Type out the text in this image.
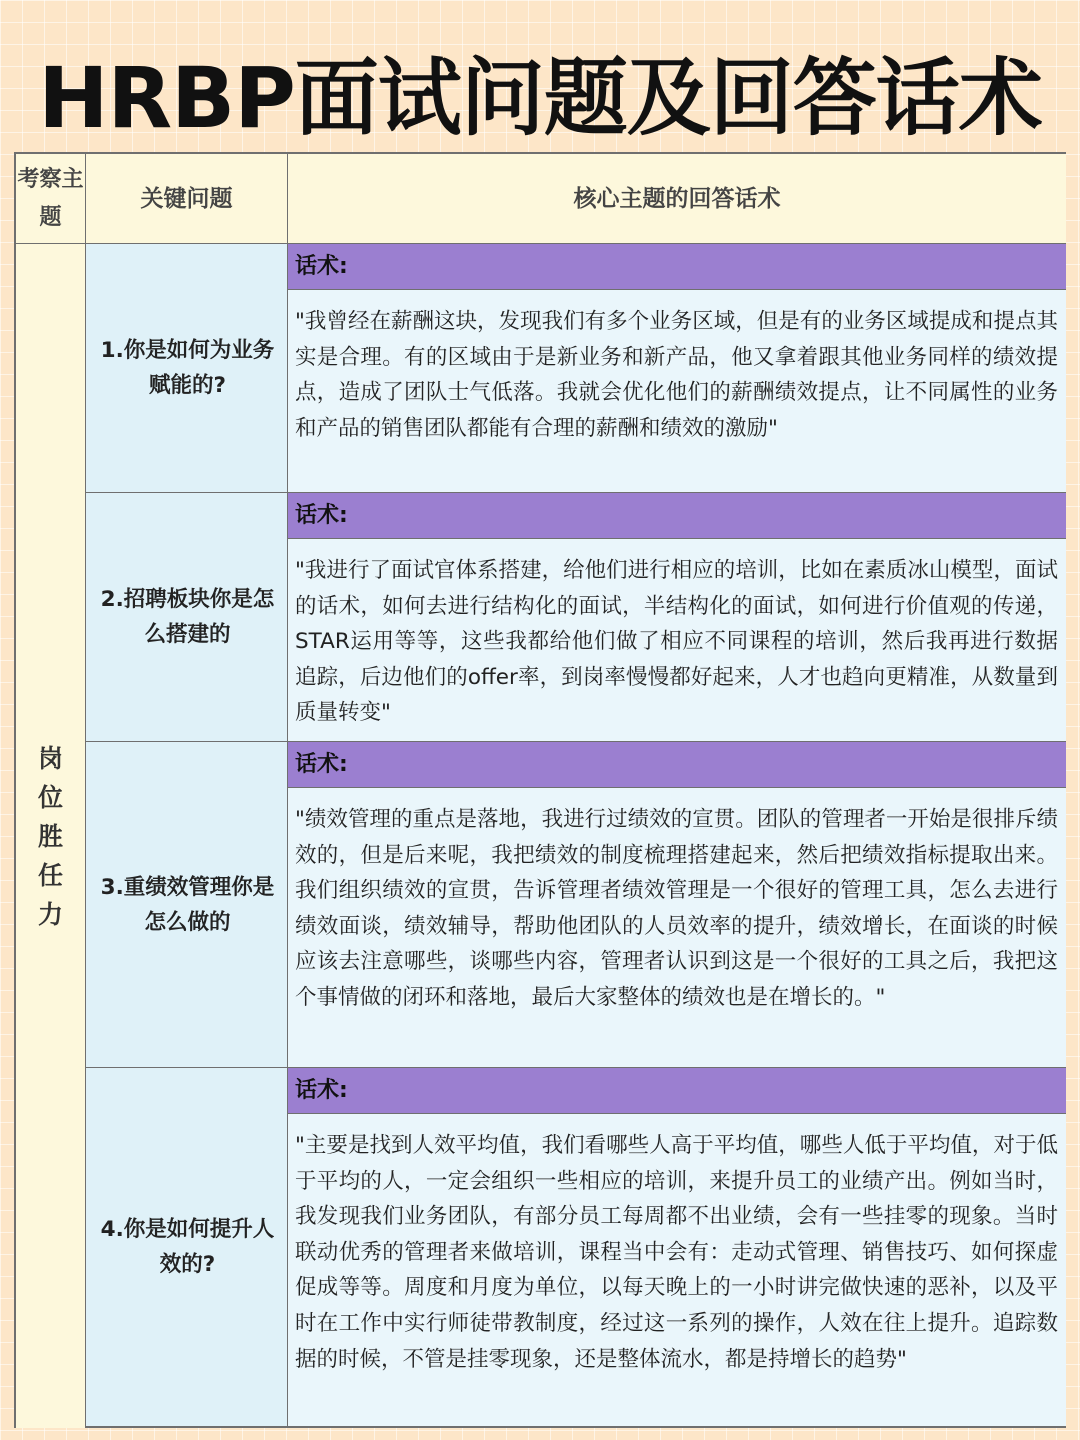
HRBP面试问题及回答话术
考察主题
关键问题	核心主题的回答话术
岗位胜任力
1.你是如何为业务赋能的?
话术:
"我曾经在薪酬这块，发现我们有多个业务区域，但是有的业务区域提成和提点其实是合理。有的区域由于是新业务和新产品，他又拿着跟其他业务同样的绩效提点，造成了团队士气低落。我就会优化他们的薪酬绩效提点，让不同属性的业务和产品的销售团队都能有合理的薪酬和绩效的激励"
2.招聘板块你是怎么搭建的
话术:
"我进行了面试官体系搭建，给他们进行相应的培训，比如在素质冰山模型，面试的话术，如何去进行结构化的面试，半结构化的面试，如何进行价值观的传递，STAR运用等等，这些我都给他们做了相应不同课程的培训，然后我再进行数据追踪，后边他们的offer率，到岗率慢慢都好起来，人才也趋向更精准，从数量到质量转变"
3.重绩效管理你是怎么做的
话术:
"绩效管理的重点是落地，我进行过绩效的宣贯。团队的管理者一开始是很排斥绩效的，但是后来呢，我把绩效的制度梳理搭建起来，然后把绩效指标提取出来。我们组织绩效的宣贯，告诉管理者绩效管理是一个很好的管理工具，怎么去进行绩效面谈，绩效辅导，帮助他团队的人员效率的提升，绩效增长，在面谈的时候应该去注意哪些，谈哪些内容，管理者认识到这是一个很好的工具之后，我把这个事情做的闭环和落地，最后大家整体的绩效也是在增长的。"
4.你是如何提升人效的?
话术:
"主要是找到人效平均值，我们看哪些人高于平均值，哪些人低于平均值，对于低于平均的人，一定会组织一些相应的培训，来提升员工的业绩产出。例如当时，我发现我们业务团队，有部分员工每周都不出业绩，会有一些挂零的现象。当时联动优秀的管理者来做培训，课程当中会有：走动式管理、销售技巧、如何探虚促成等等。周度和月度为单位，以每天晚上的一小时讲完做快速的恶补，以及平时在工作中实行师徒带教制度，经过这一系列的操作，人效在往上提升。追踪数据的时候，不管是挂零现象，还是整体流水，都是持增长的趋势"
